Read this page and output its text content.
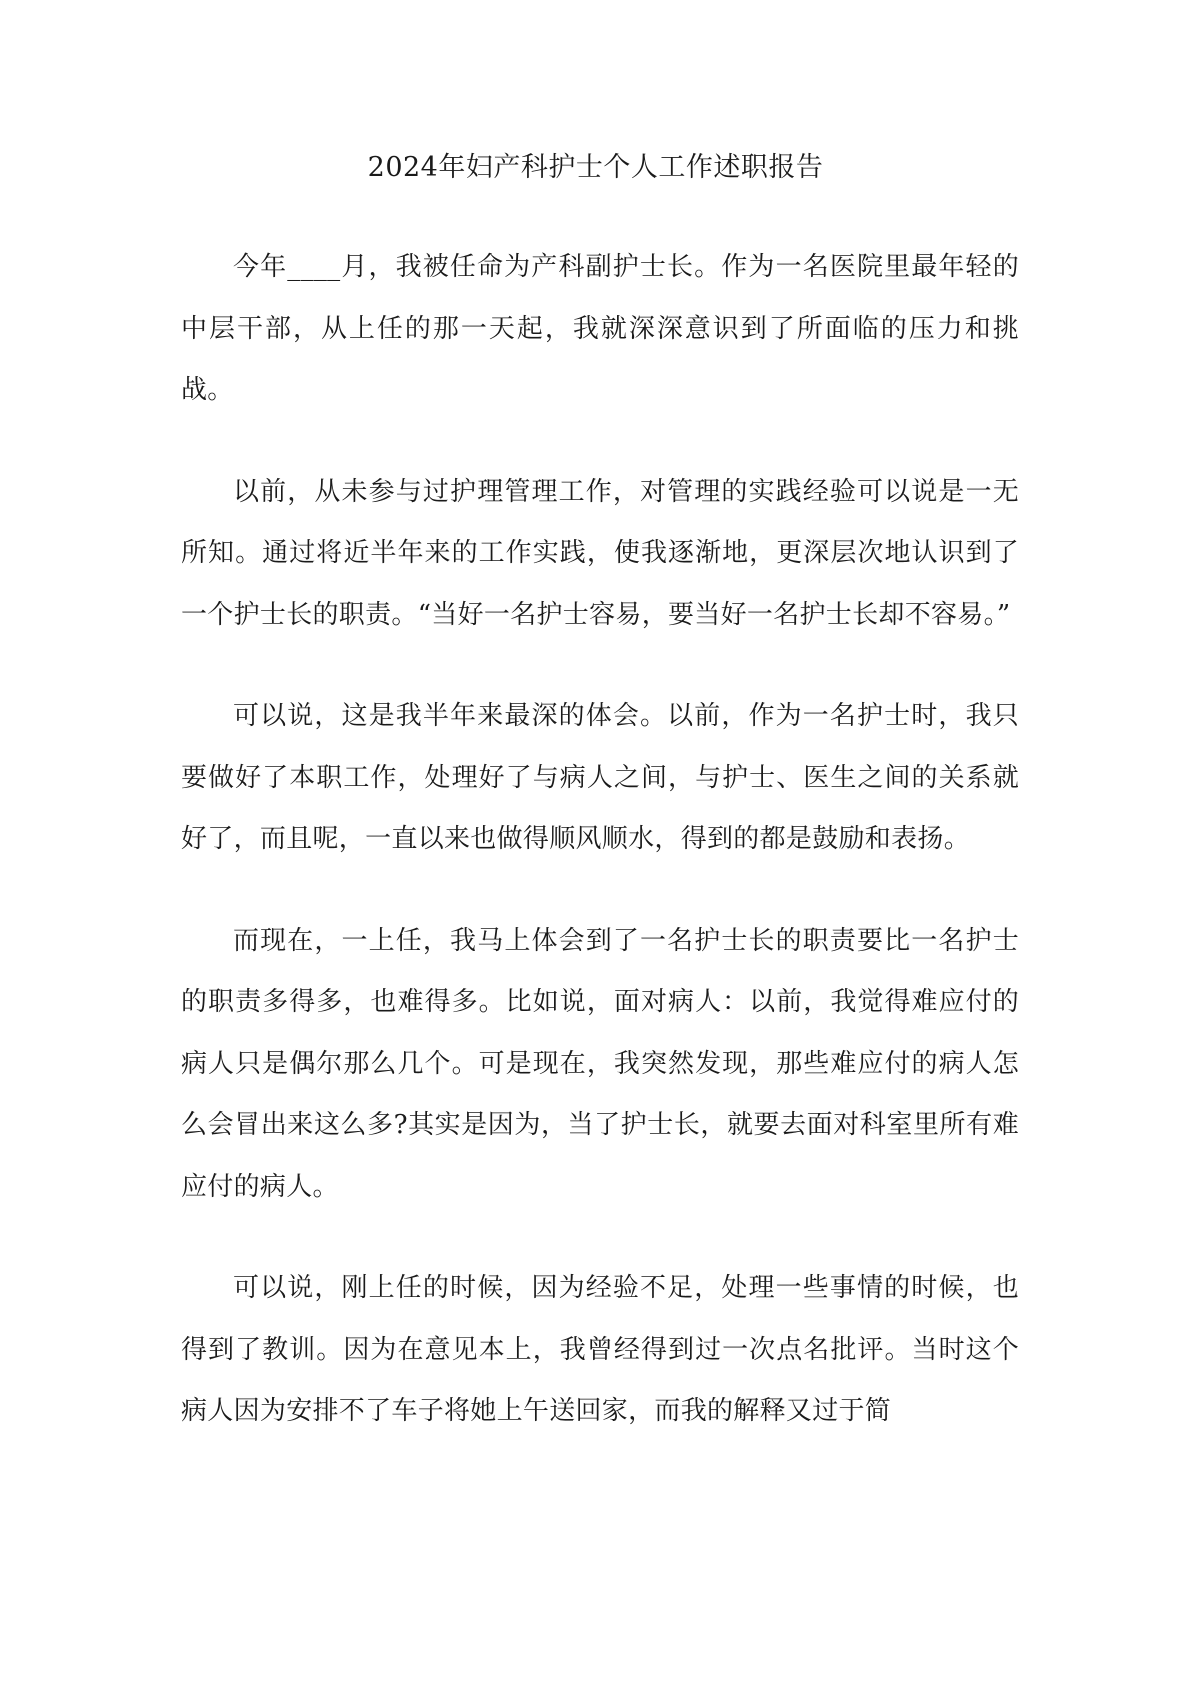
2024年妇产科护士个人工作述职报告

今年____月，我被任命为产科副护士长。作为一名医院里最年轻的中层干部，从上任的那一天起，我就深深意识到了所面临的压力和挑战。

以前，从未参与过护理管理工作，对管理的实践经验可以说是一无所知。通过将近半年来的工作实践，使我逐渐地，更深层次地认识到了一个护士长的职责。“当好一名护士容易，要当好一名护士长却不容易。”

可以说，这是我半年来最深的体会。以前，作为一名护士时，我只要做好了本职工作，处理好了与病人之间，与护士、医生之间的关系就好了，而且呢，一直以来也做得顺风顺水，得到的都是鼓励和表扬。

而现在，一上任，我马上体会到了一名护士长的职责要比一名护士的职责多得多，也难得多。比如说，面对病人：以前，我觉得难应付的病人只是偶尔那么几个。可是现在，我突然发现，那些难应付的病人怎么会冒出来这么多?其实是因为，当了护士长，就要去面对科室里所有难应付的病人。

可以说，刚上任的时候，因为经验不足，处理一些事情的时候，也得到了教训。因为在意见本上，我曾经得到过一次点名批评。当时这个病人因为安排不了车子将她上午送回家，而我的解释又过于简
